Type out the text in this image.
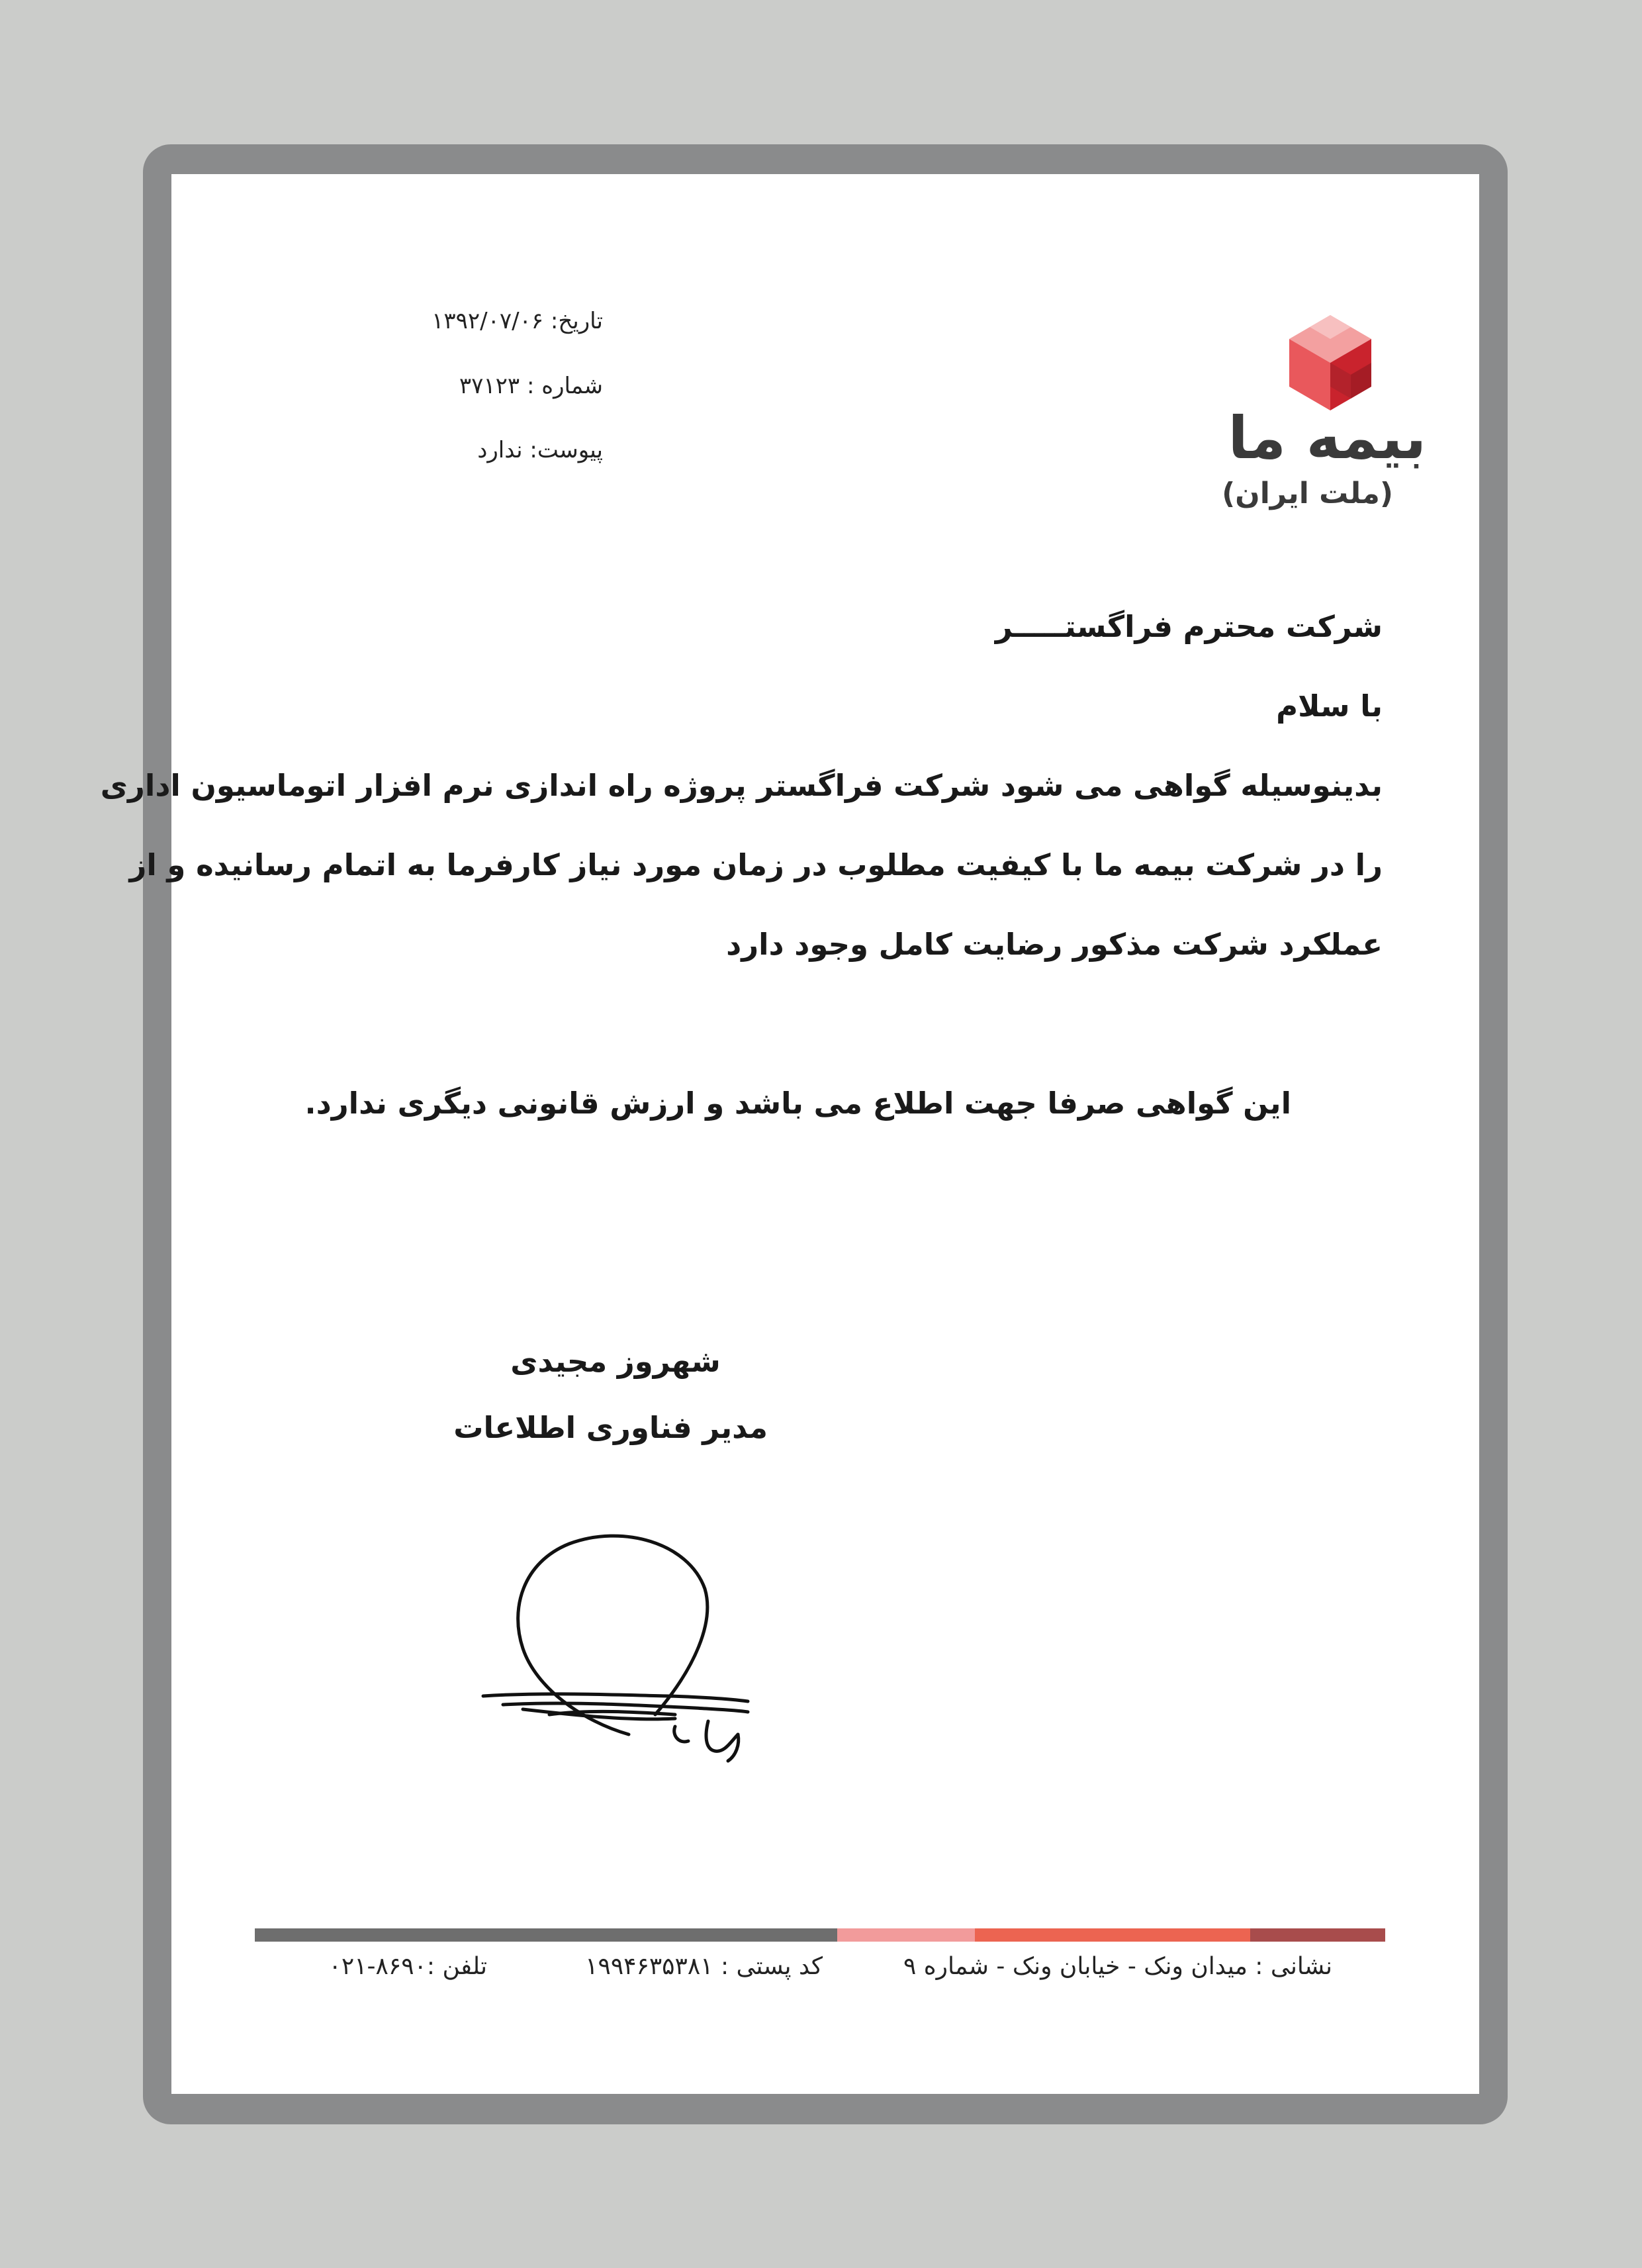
تاریخ: ۱۳۹۲/۰۷/۰۶
شماره : ۳۷۱۲۳
پیوست: ندارد	بیمه ما
(ملت ایران)
شرکت محترم فراگستـــــر
با سلام
بدینوسیله گواهی می شود شرکت فراگستر پروژه راه اندازی نرم افزار اتوماسیون اداری
را در شرکت بیمه ما با کیفیت مطلوب در زمان مورد نیاز کارفرما به اتمام رسانیده و از
عملکرد شرکت مذکور رضایت کامل وجود دارد
این گواهی صرفا جهت اطلاع می باشد و ارزش قانونی دیگری ندارد.
شهروز مجیدی
مدیر فناوری اطلاعات
نشانی : میدان ونک - خیابان ونک - شماره ۹
کد پستی : ۱۹۹۴۶۳۵۳۸۱
تلفن :۸۶۹۰-۰۲۱
